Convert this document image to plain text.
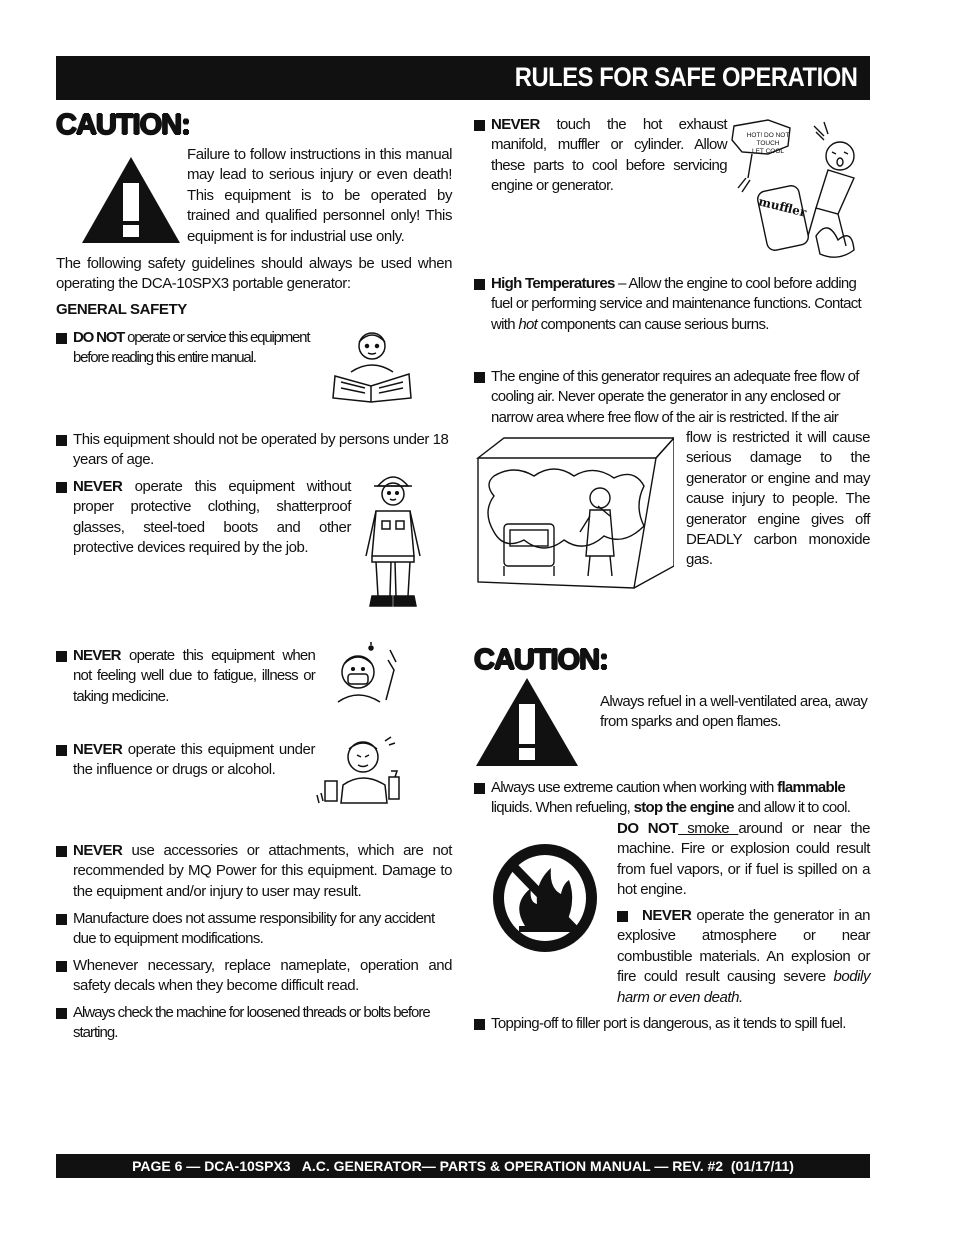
RULES FOR SAFE OPERATION
CAUTION:
Failure to follow instructions in this manual may lead to serious injury or even death! This equipment is to be operated by trained and qualified personnel only! This equipment is for industrial use only.
The following safety guidelines should always be used when operating the DCA-10SPX3 portable generator:
GENERAL SAFETY
DO NOT operate or service this equipment before reading this entire manual.
This equipment should not be operated by persons under 18 years of age.
NEVER operate this equipment without proper protective clothing, shatterproof glasses, steel-toed boots and other protective devices required by the job.
NEVER operate this equipment when not feeling well due to fatigue, illness or taking medicine.
NEVER operate this equipment under the influence or drugs or alcohol.
NEVER use accessories or attachments, which are not recommended by MQ Power for this equipment. Damage to the equipment and/or injury to user may result.
Manufacture does not assume responsibility for any accident due to equipment modifications.
Whenever necessary, replace nameplate, operation and safety decals when they become difficult read.
Always check the machine for loosened threads or bolts before starting.
NEVER touch the hot exhaust manifold, muffler or cylinder. Allow these parts to cool before servicing engine or generator.
HOT! DO NOT
TOUCH
LET COOL
muffler
High Temperatures – Allow the engine to cool before adding fuel or performing service and maintenance functions. Contact with hot components can cause serious burns.
The engine of this generator requires an adequate free flow of cooling air. Never operate the generator in any enclosed or narrow area where free flow of the air is restricted. If the air
flow is restricted it will cause serious damage to the generator or engine and may cause injury to people. The generator engine gives off DEADLY carbon monoxide gas.
CAUTION:
Always refuel in a well-ventilated area, away from sparks and open flames.
Always use extreme caution when working with flammable liquids. When refueling, stop the engine and allow it to cool.
DO NOT smoke around or near the machine. Fire or explosion could result from fuel vapors, or if fuel is spilled on a hot engine.
NEVER operate the generator in an explosive atmosphere or near combustible materials. An explosion or fire could result causing severe bodily harm or even death.
Topping-off to filler port is dangerous, as it tends to spill fuel.
PAGE 6 — DCA-10SPX3   A.C. GENERATOR— PARTS & OPERATION MANUAL — REV. #2  (01/17/11)
